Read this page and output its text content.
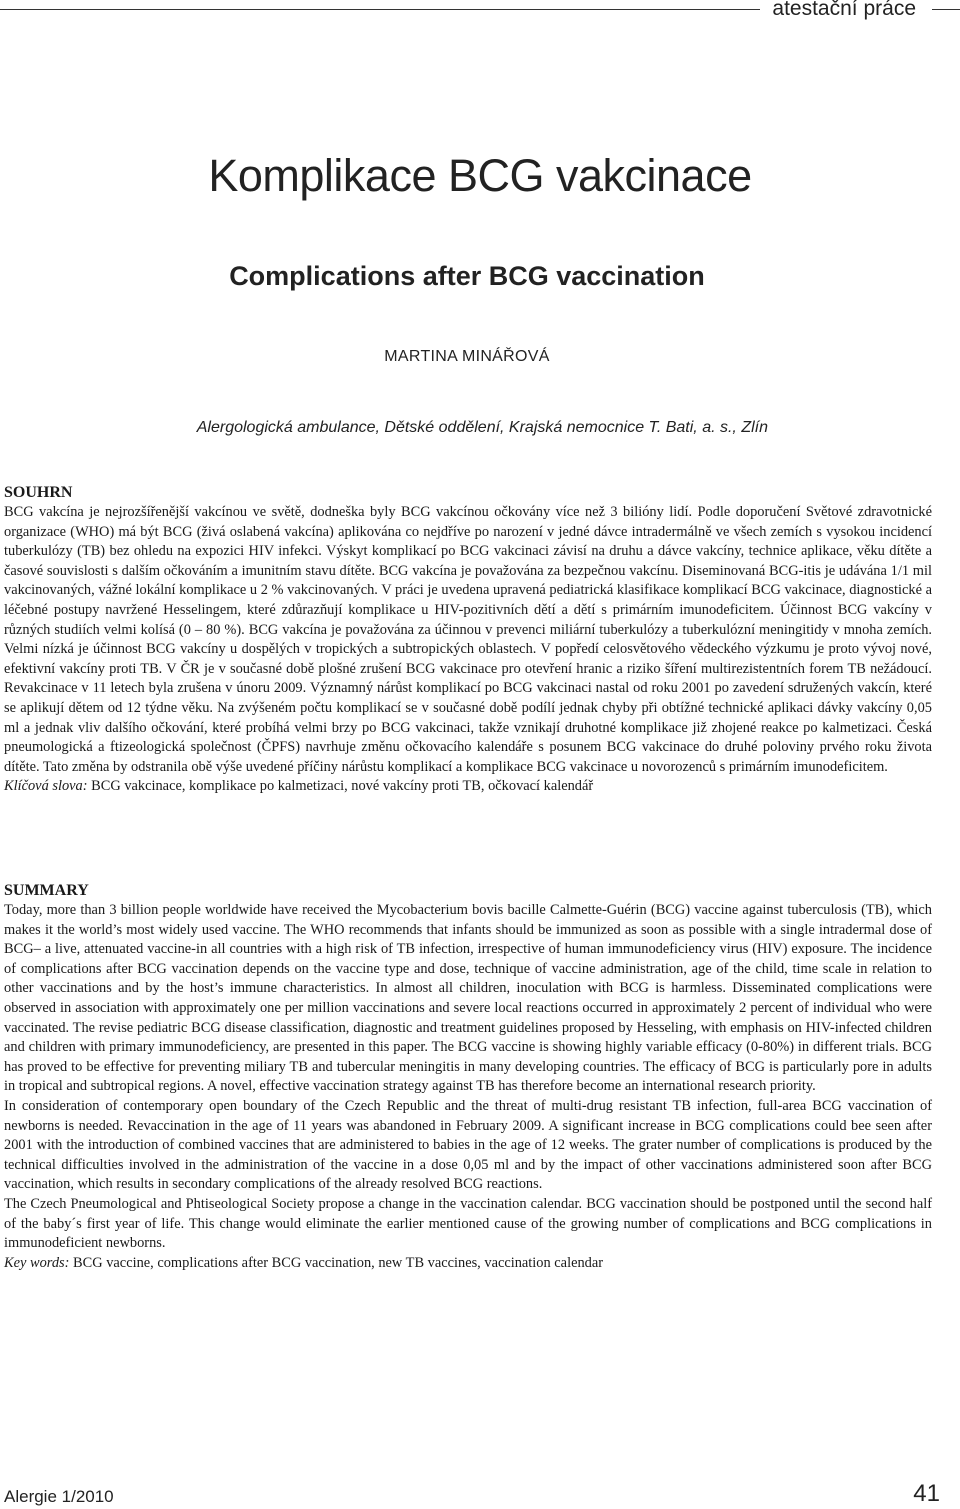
atestační práce
Komplikace BCG vakcinace
Complications after BCG vaccination
MARTINA MINÁŘOVÁ
Alergologická ambulance, Dětské oddělení, Krajská nemocnice T. Bati, a. s., Zlín
SOUHRN

BCG vakcína je nejrozšířenější vakcínou ve světě, dodneška byly BCG vakcínou očkovány více než 3 bilióny lidí. Podle doporučení Světové zdravotnické organizace (WHO) má být BCG (živá oslabená vakcína) aplikována co nejdříve po narození v jedné dávce intradermálně ve všech zemích s vysokou incidencí tuberkulózy (TB) bez ohledu na expozici HIV infekci. Výskyt komplikací po BCG vakcinaci závisí na druhu a dávce vakcíny, technice aplikace, věku dítěte a časové souvislosti s dalším očkováním a imunitním stavu dítěte. BCG vakcína je považována za bezpečnou vakcínu. Diseminovaná BCG-itis je udávána 1/1 mil vakcinovaných, vážné lokální komplikace u 2 % vakcinovaných. V práci je uvedena upravená pediatrická klasifikace komplikací BCG vakcinace, diagnostické a léčebné postupy navržené Hesselingem, které zdůrazňují komplikace u HIV-pozitivních dětí a dětí s primárním imunodeficitem. Účinnost BCG vakcíny v různých studiích velmi kolísá (0 – 80 %). BCG vakcína je považována za účinnou v prevenci miliární tuberkulózy a tuberkulózní meningitidy v mnoha zemích. Velmi nízká je účinnost BCG vakcíny u dospělých v tropických a subtropických oblastech. V popředí celosvětového vědeckého výzkumu je proto vývoj nové, efektivní vakcíny proti TB. V ČR je v současné době plošné zrušení BCG vakcinace pro otevření hranic a riziko šíření multirezistentních forem TB nežádoucí. Revakcinace v 11 letech byla zrušena v únoru 2009. Významný nárůst komplikací po BCG vakcinaci nastal od roku 2001 po zavedení sdružených vakcín, které se aplikují dětem od 12 týdne věku. Na zvýšeném počtu komplikací se v současné době podílí jednak chyby při obtížné technické aplikaci dávky vakcíny 0,05 ml a jednak vliv dalšího očkování, které probíhá velmi brzy po BCG vakcinaci, takže vznikají druhotné komplikace již zhojené reakce po kalmetizaci. Česká pneumologická a ftizeologická společnost (ČPFS) navrhuje změnu očkovacího kalendáře s posunem BCG vakcinace do druhé poloviny prvého roku života dítěte. Tato změna by odstranila obě výše uvedené příčiny nárůstu komplikací a komplikace BCG vakcinace u novorozenců s primárním imunodeficitem.

Klíčová slova: BCG vakcinace, komplikace po kalmetizaci, nové vakcíny proti TB, očkovací kalendář

SUMMARY

Today, more than 3 billion people worldwide have received the Mycobacterium bovis bacille Calmette-Guérin (BCG) vaccine against tuberculosis (TB), which makes it the world’s most widely used vaccine. The WHO recommends that infants should be immunized as soon as possible with a single intradermal dose of BCG– a live, attenuated vaccine-in all countries with a high risk of TB infection, irrespective of human immunodeficiency virus (HIV) exposure. The incidence of complications after BCG vaccination depends on the vaccine type and dose, technique of vaccine administration, age of the child, time scale in relation to other vaccinations and by the host’s immune characteristics. In almost all children, inoculation with BCG is harmless. Disseminated complications were observed in association with approximately one per million vaccinations and severe local reactions occurred in approximately 2 percent of individual who were vaccinated. The revise pediatric BCG disease classification, diagnostic and treatment guidelines proposed by Hesseling, with emphasis on HIV-infected children and children with primary immunodeficiency, are presented in this paper. The BCG vaccine is showing highly variable efficacy (0-80%) in different trials. BCG has proved to be effective for preventing miliary TB and tubercular meningitis in many developing countries. The efficacy of BCG is particularly pore in adults in tropical and subtropical regions. A novel, effective vaccination strategy against TB has therefore become an international research priority.

In consideration of contemporary open boundary of the Czech Republic and the threat of multi-drug resistant TB infection, full-area BCG vaccination of newborns is needed. Revaccination in the age of 11 years was abandoned in February 2009. A significant increase in BCG complications could bee seen after 2001 with the introduction of combined vaccines that are administered to babies in the age of 12 weeks. The grater number of complications is produced by the technical difficulties involved in the administration of the vaccine in a dose 0,05 ml and by the impact of other vaccinations administered soon after BCG vaccination, which results in secondary complications of the already resolved BCG reactions.

The Czech Pneumological and Phtiseological Society propose a change in the vaccination calendar. BCG vaccination should be postponed until the second half of the baby´s first year of life. This change would eliminate the earlier mentioned cause of the growing number of complications and BCG complications in immunodeficient newborns.

Key words: BCG vaccine, complications after BCG vaccination, new TB vaccines, vaccination calendar

Alergie 1/2010	41
